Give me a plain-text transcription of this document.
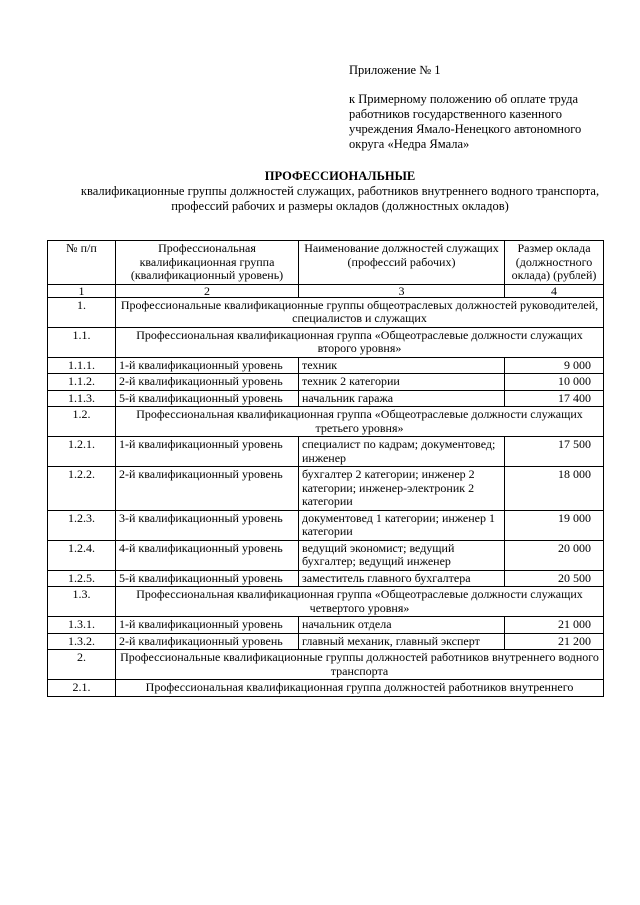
Приложение № 1
к Примерному положению об оплате труда работников государственного казенного учреждения Ямало-Ненецкого автономного округа «Недра Ямала»
ПРОФЕССИОНАЛЬНЫЕ
квалификационные группы должностей служащих, работников внутреннего водного транспорта, профессий рабочих и размеры окладов (должностных окладов)
№ п/п	Профессиональная квалификационная группа (квалификационный уровень)	Наименование должностей служащих (профессий рабочих)	Размер оклада (должностного оклада) (рублей)
1	2	3	4
1.	Профессиональные квалификационные группы общеотраслевых должностей руководителей, специалистов и служащих		
1.1.	Профессиональная квалификационная группа «Общеотраслевые должности служащих второго уровня»		
1.1.1.	1-й квалификационный уровень	техник	9 000
1.1.2.	2-й квалификационный уровень	техник 2 категории	10 000
1.1.3.	5-й квалификационный уровень	начальник гаража	17 400
1.2.	Профессиональная квалификационная группа «Общеотраслевые должности служащих третьего уровня»		
1.2.1.	1-й квалификационный уровень	специалист по кадрам; документовед; инженер	17 500
1.2.2.	2-й квалификационный уровень	бухгалтер 2 категории; инженер 2 категории; инженер-электроник 2 категории	18 000
1.2.3.	3-й квалификационный уровень	документовед 1 категории; инженер 1 категории	19 000
1.2.4.	4-й квалификационный уровень	ведущий экономист; ведущий бухгалтер; ведущий инженер	20 000
1.2.5.	5-й квалификационный уровень	заместитель главного бухгалтера	20 500
1.3.	Профессиональная квалификационная группа «Общеотраслевые должности служащих четвертого уровня»		
1.3.1.	1-й квалификационный уровень	начальник отдела	21 000
1.3.2.	2-й квалификационный уровень	главный механик, главный эксперт	21 200
2.	Профессиональные квалификационные группы должностей работников внутреннего водного транспорта		
2.1.	Профессиональная квалификационная группа должностей работников внутреннего		
